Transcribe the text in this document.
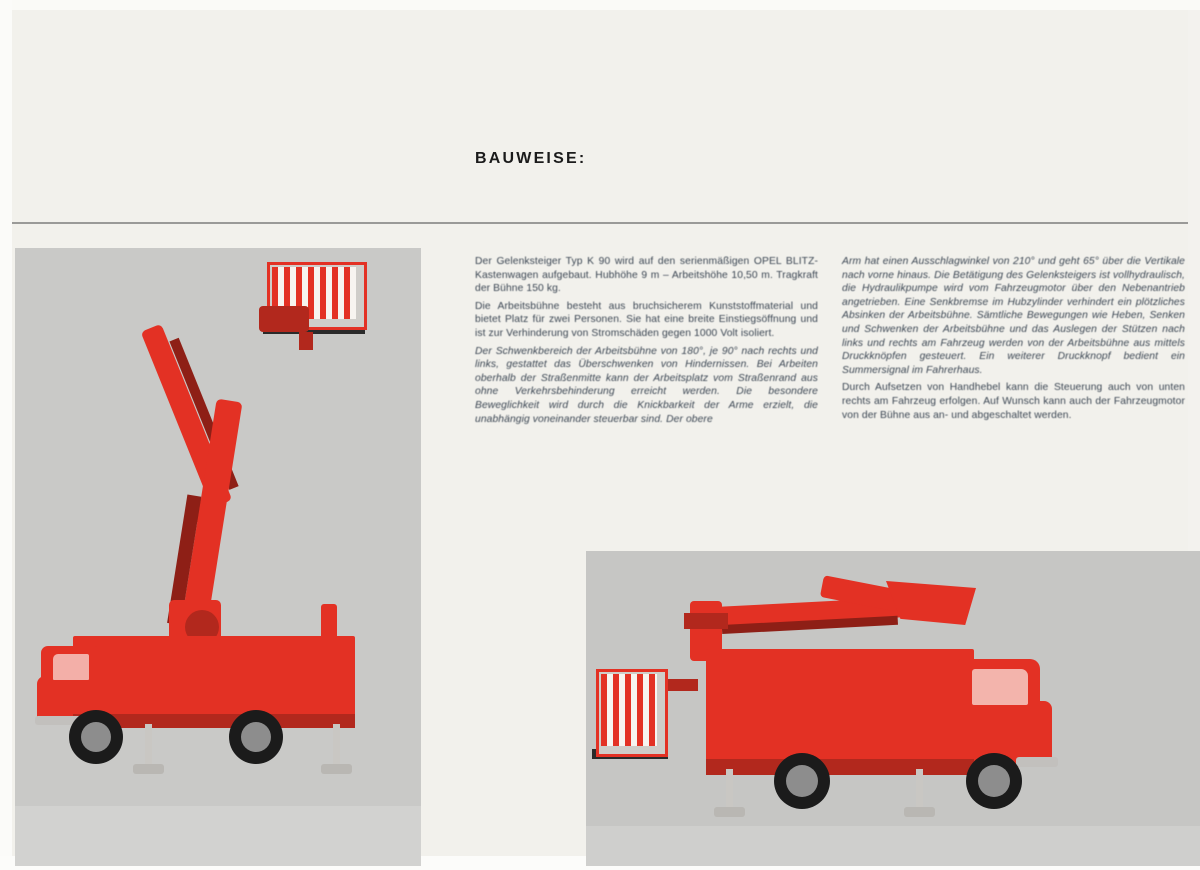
BAUWEISE:

Der Gelenksteiger Typ K 90 wird auf den serienmäßigen OPEL BLITZ-Kastenwagen aufgebaut. Hubhöhe 9 m – Arbeitshöhe 10,50 m. Tragkraft der Bühne 150 kg.

Die Arbeitsbühne besteht aus bruchsicherem Kunststoffmaterial und bietet Platz für zwei Personen. Sie hat eine breite Einstiegsöffnung und ist zur Verhinderung von Stromschäden gegen 1000 Volt isoliert.

Der Schwenkbereich der Arbeitsbühne von 180°, je 90° nach rechts und links, gestattet das Überschwenken von Hindernissen. Bei Arbeiten oberhalb der Straßenmitte kann der Arbeitsplatz vom Straßenrand aus ohne Verkehrsbehinderung erreicht werden. Die besondere Beweglichkeit wird durch die Knickbarkeit der Arme erzielt, die unabhängig voneinander steuerbar sind. Der obere

Arm hat einen Ausschlagwinkel von 210° und geht 65° über die Vertikale nach vorne hinaus. Die Betätigung des Gelenksteigers ist vollhydraulisch, die Hydraulikpumpe wird vom Fahrzeugmotor über den Nebenantrieb angetrieben. Eine Senkbremse im Hubzylinder verhindert ein plötzliches Absinken der Arbeitsbühne. Sämtliche Bewegungen wie Heben, Senken und Schwenken der Arbeitsbühne und das Auslegen der Stützen nach links und rechts am Fahrzeug werden von der Arbeitsbühne aus mittels Druckknöpfen gesteuert. Ein weiterer Druckknopf bedient ein Summersignal im Fahrerhaus.

Durch Aufsetzen von Handhebel kann die Steuerung auch von unten rechts am Fahrzeug erfolgen. Auf Wunsch kann auch der Fahrzeugmotor von der Bühne aus an- und abgeschaltet werden.
